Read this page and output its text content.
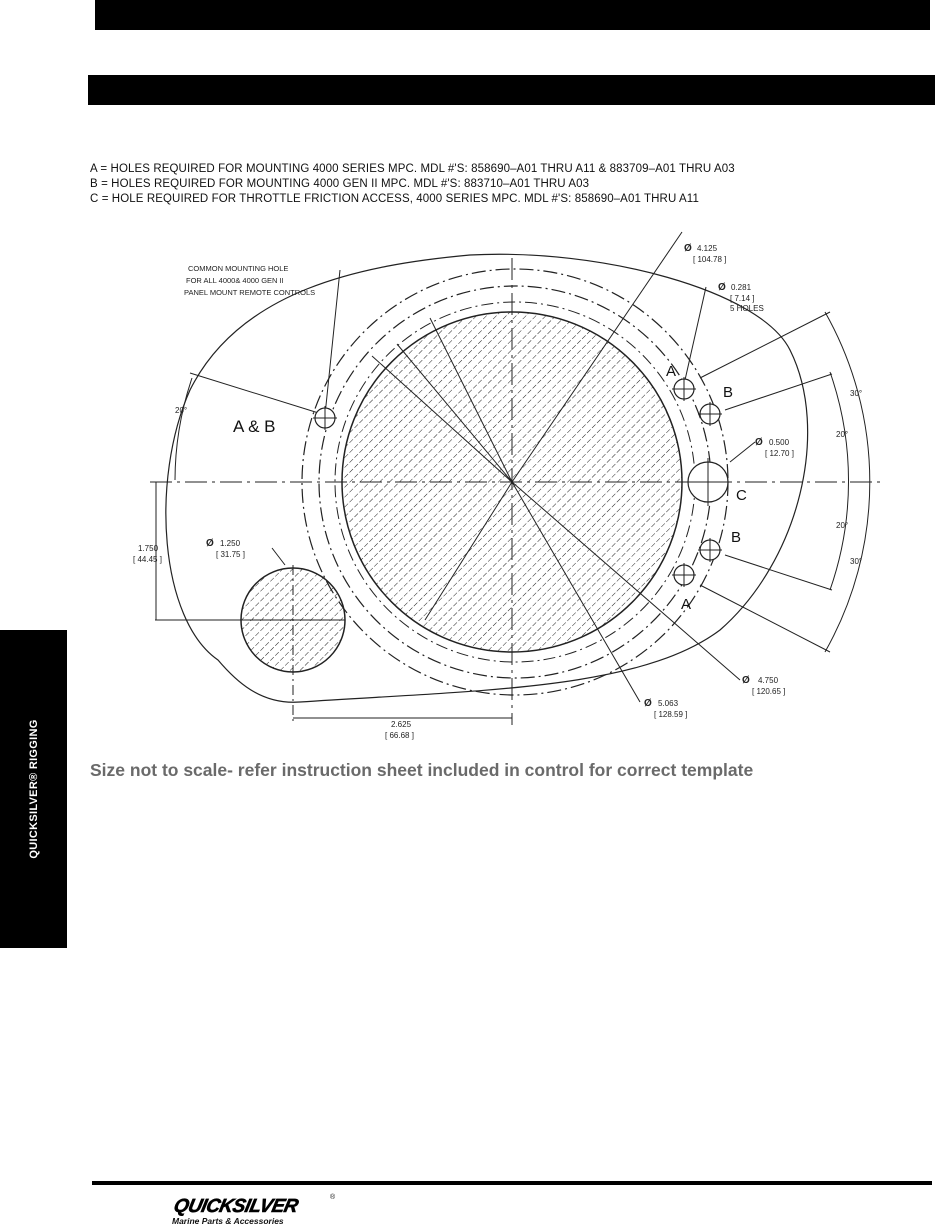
A = HOLES REQUIRED FOR MOUNTING 4000 SERIES MPC. MDL #'S: 858690–A01 THRU A11 & 883709–A01 THRU A03
B = HOLES REQUIRED FOR MOUNTING 4000 GEN II MPC. MDL #'S: 883710–A01 THRU A03
C = HOLE REQUIRED FOR THROTTLE FRICTION ACCESS, 4000 SERIES MPC. MDL #'S: 858690–A01 THRU A11
COMMON MOUNTING HOLE
FOR ALL 4000& 4000 GEN II
PANEL MOUNT REMOTE CONTROLS
Ø 4.125
[ 104.78 ]
Ø 0.281
[ 7.14 ]
5 HOLES
Ø 0.500
[ 12.70 ]
Ø 1.250
[ 31.75 ]
Ø 4.750
[ 120.65 ]
Ø 5.063
[ 128.59 ]
1.750
[ 44.45 ]
2.625
[ 66.68 ]
20°
30°
20°
20°
30°
A & B
A
B
C
B
A
QUICKSILVER® RIGGING	Size not to scale- refer instruction sheet included in control for correct template
QUICKSILVER	®
Marine Parts & Accessories
